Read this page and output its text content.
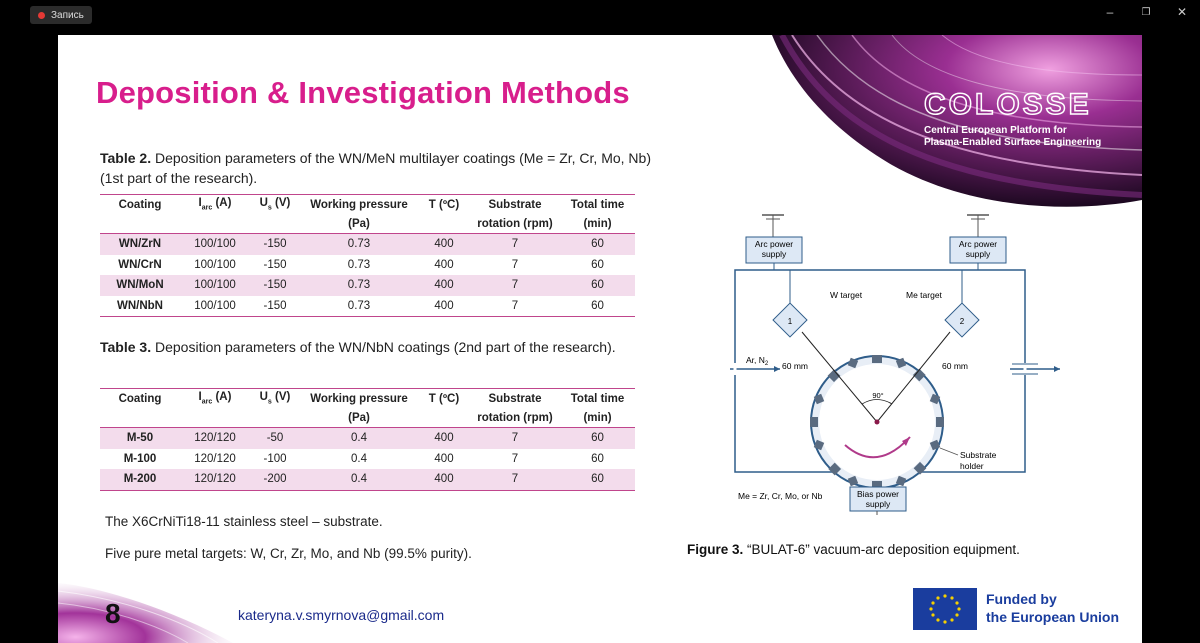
Запись	–	❐	✕
COLOSSE
Central European Platform for
Plasma-Enabled Surface Engineering
Deposition & Investigation Methods
Table 2. Deposition parameters of the WN/MeN multilayer coatings (Me = Zr, Cr, Mo, Nb)
(1st part of the research).
Coating	$I_{arc}$ (A)	$U_s$ (V)	Working pressure	T (ºC)	Substrate	Total time
			(Pa)		rotation (rpm)	(min)
WN/ZrN	100/100	-150	0.73	400	7	60
WN/CrN	100/100	-150	0.73	400	7	60
WN/MoN	100/100	-150	0.73	400	7	60
WN/NbN	100/100	-150	0.73	400	7	60
Table 3. Deposition parameters of the WN/NbN coatings (2nd part of the research).
Coating	$I_{arc}$ (A)	$U_s$ (V)	Working pressure	T (ºC)	Substrate	Total time
			(Pa)		rotation (rpm)	(min)
M-50	120/120	-50	0.4	400	7	60
M-100	120/120	-100	0.4	400	7	60
M-200	120/120	-200	0.4	400	7	60
The X6CrNiTi18-11 stainless steel – substrate.
Five pure metal targets: W, Cr, Zr, Mo, and Nb (99.5% purity).
Arc power
supply
Arc power
supply
1	2
W target	Me target
Ar, $N_2$ 60 mm	60 mm
90°
Substrate
holder
Bias power
supply
Me = Zr, Cr, Mo, or Nb
Figure 3. “BULAT-6” vacuum-arc deposition equipment.
8	kateryna.v.smyrnova@gmail.com
Funded by
the European Union
